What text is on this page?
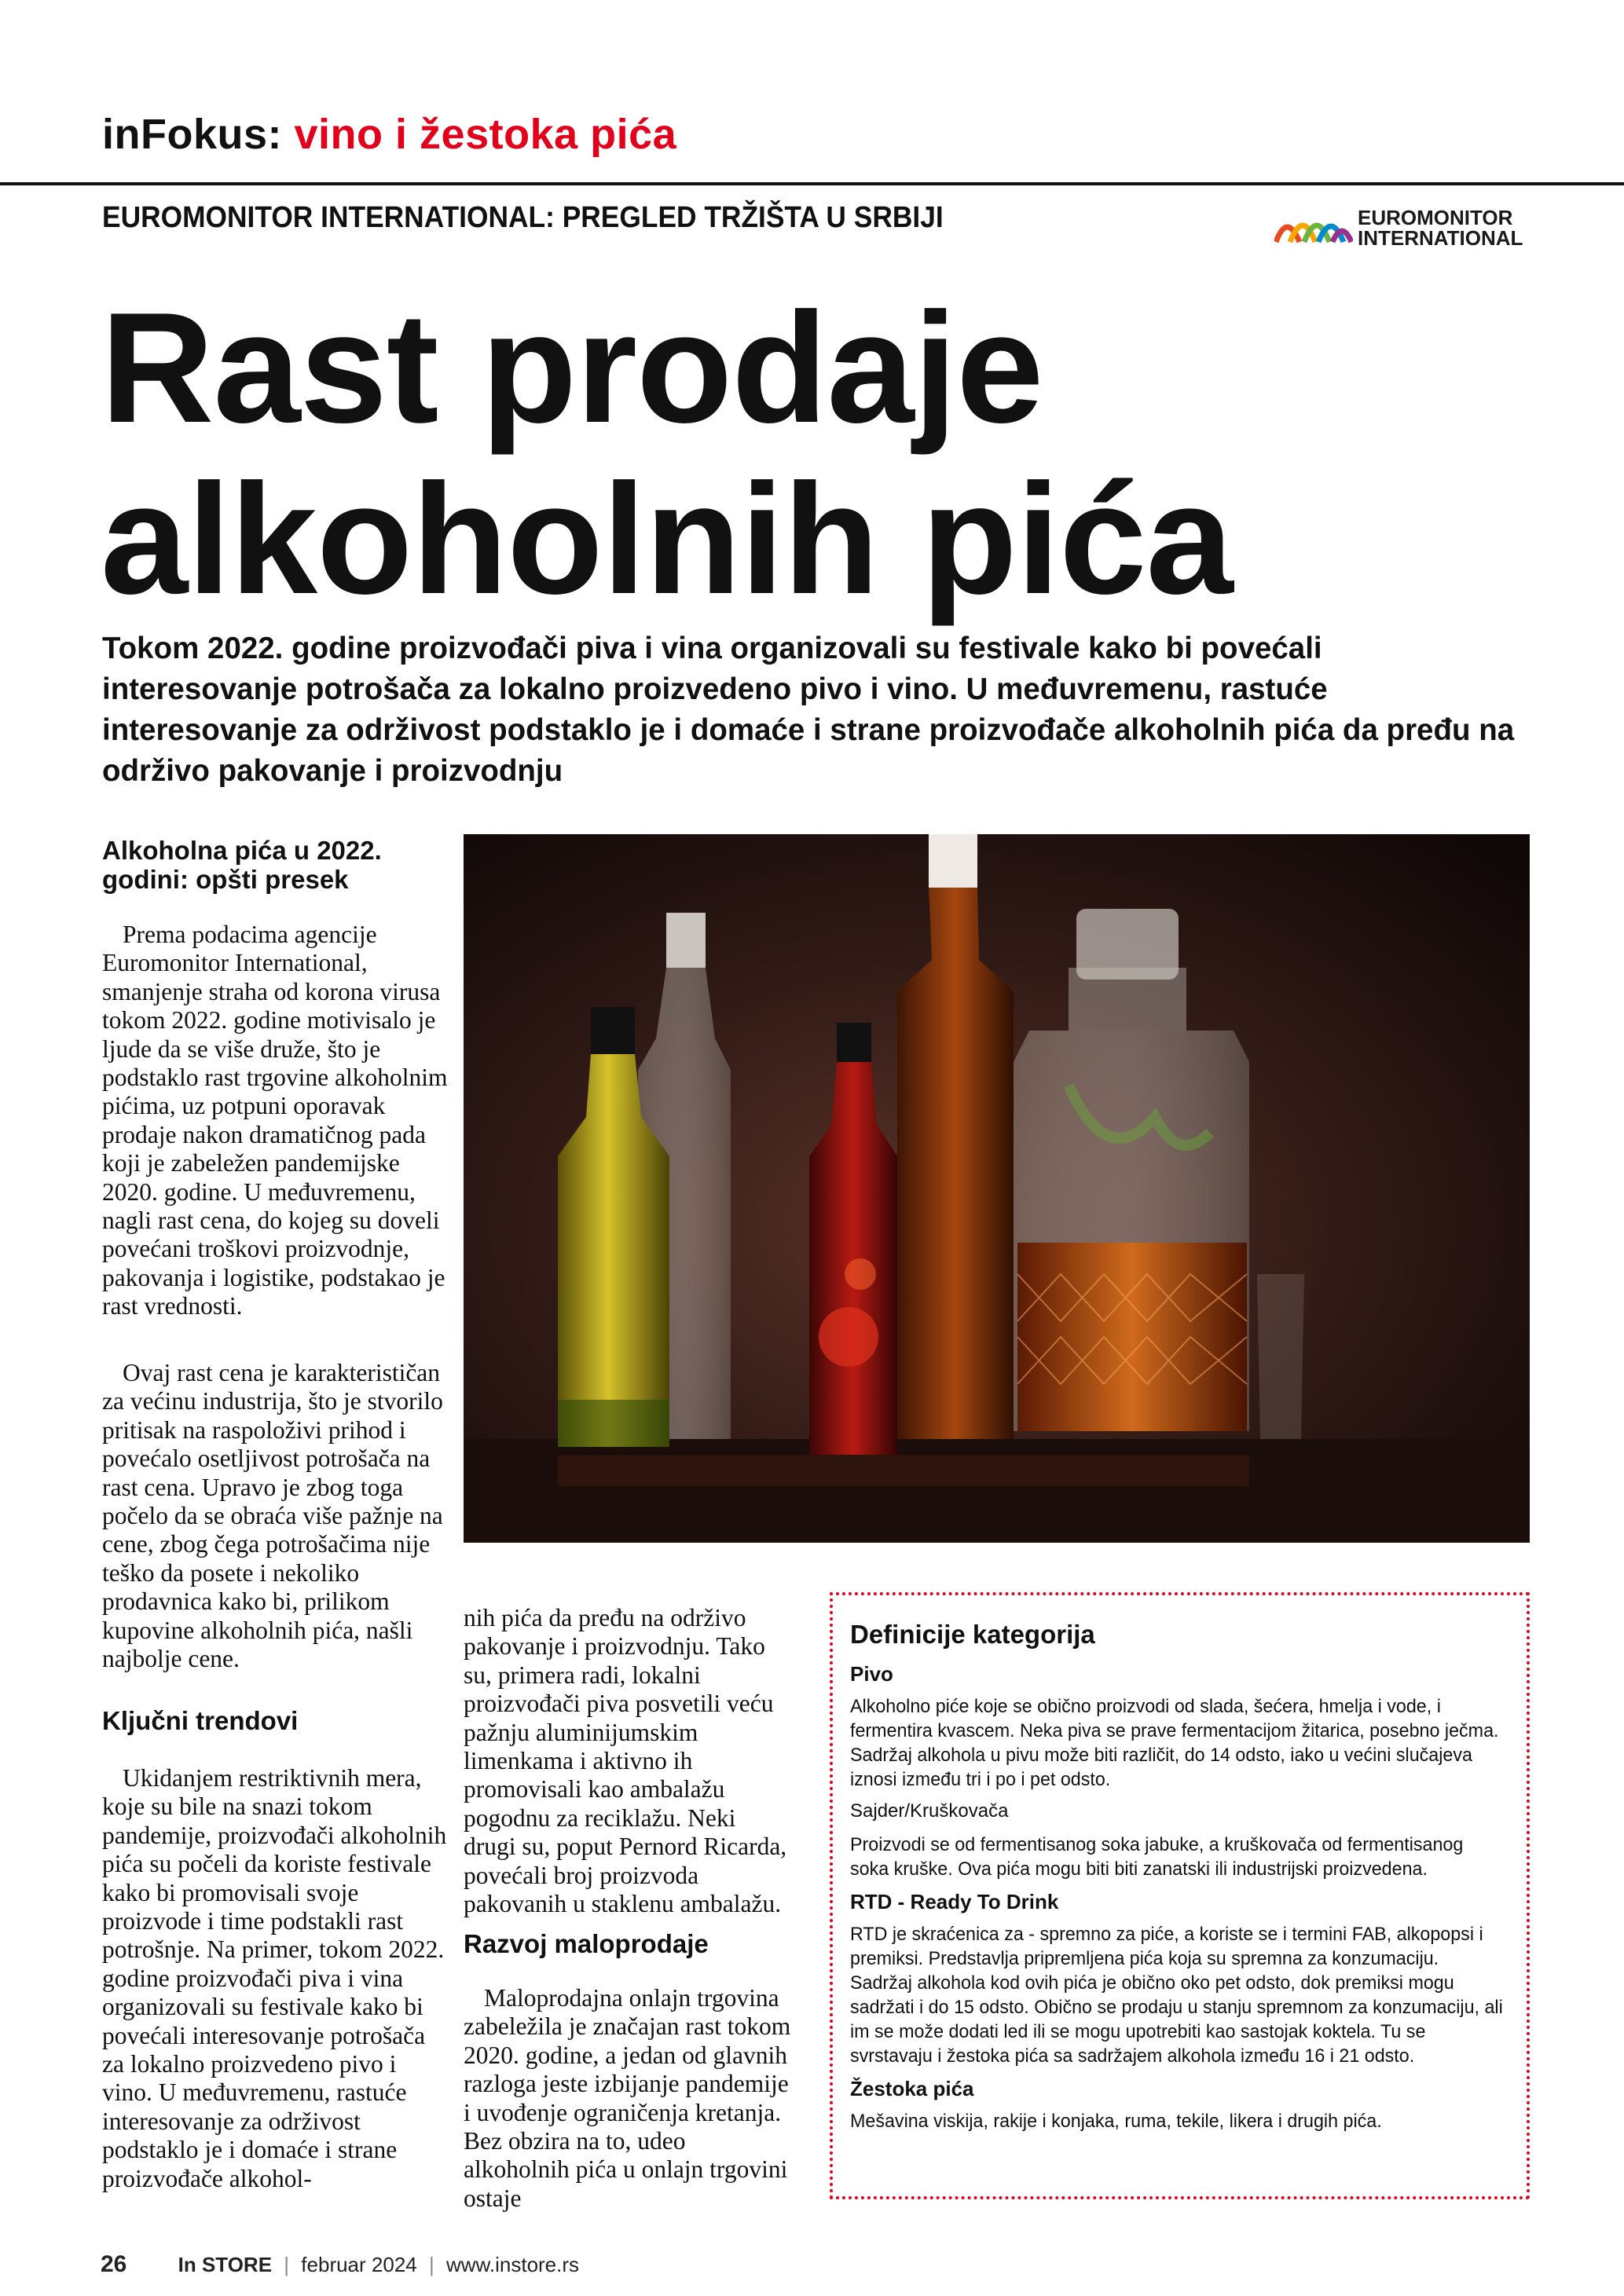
inFokus: vino i žestoka pića
EUROMONITOR INTERNATIONAL: PREGLED TRŽIŠTA U SRBIJI	EUROMONITOR
INTERNATIONAL
Rast prodaje
alkoholnih pića
Tokom 2022. godine proizvođači piva i vina organizovali su festivale kako bi povećali interesovanje potrošača za lokalno proizvedeno pivo i vino. U međuvremenu, rastuće interesovanje za održivost podstaklo je i domaće i strane proizvođače alkoholnih pića da pređu na održivo pakovanje i proizvodnju
Alkoholna pića u 2022. godini: opšti presek

Prema podacima agencije Euromonitor International, smanjenje straha od korona virusa tokom 2022. godine motivisalo je ljude da se više druže, što je podstaklo rast trgovine alkoholnim pićima, uz potpuni oporavak prodaje nakon dramatičnog pada koji je zabeležen pandemijske 2020. godine. U međuvremenu, nagli rast cena, do kojeg su doveli povećani troškovi proizvodnje, pakovanja i logistike, podstakao je rast vrednosti.

Ovaj rast cena je karakterističan za većinu industrija, što je stvorilo pritisak na raspoloživi prihod i povećalo osetljivost potrošača na rast cena. Upravo je zbog toga počelo da se obraća više pažnje na cene, zbog čega potrošačima nije teško da posete i nekoliko prodavnica kako bi, prilikom kupovine alkoholnih pića, našli najbolje cene.

Ključni trendovi

Ukidanjem restriktivnih mera, koje su bile na snazi tokom pandemije, proizvođači alkoholnih pića su počeli da koriste festivale kako bi promovisali svoje proizvode i time podstakli rast potrošnje. Na primer, tokom 2022. godine proizvođači piva i vina organizovali su festivale kako bi povećali interesovanje potrošača za lokalno proizvedeno pivo i vino. U međuvremenu, rastuće interesovanje za održivost podstaklo je i domaće i strane proizvođače alkohol-

nih pića da pređu na održivo pakovanje i proizvodnju. Tako su, primera radi, lokalni proizvođači piva posvetili veću pažnju aluminijumskim limenkama i aktivno ih promovisali kao ambalažu pogodnu za reciklažu. Neki drugi su, poput Pernord Ricarda, povećali broj proizvoda pakovanih u staklenu ambalažu.

Razvoj maloprodaje

Maloprodajna onlajn trgovina zabeležila je značajan rast tokom 2020. godine, a jedan od glavnih razloga jeste izbijanje pandemije i uvođenje ograničenja kretanja. Bez obzira na to, udeo alkoholnih pića u onlajn trgovini ostaje

Definicije kategorija
Pivo
Alkoholno piće koje se obično proizvodi od slada, šećera, hmelja i vode, i fermentira kvascem. Neka piva se prave fermentacijom žitarica, posebno ječma. Sadržaj alkohola u pivu može biti različit, do 14 odsto, iako u većini slučajeva iznosi između tri i po i pet odsto.
Sajder/Kruškovača
Proizvodi se od fermentisanog soka jabuke, a kruškovača od fermentisanog soka kruške. Ova pića mogu biti biti zanatski ili industrijski proizvedena.
RTD - Ready To Drink
RTD je skraćenica za - spremno za piće, a koriste se i termini FAB, alkopopsi i premiksi. Predstavlja pripremljena pića koja su spremna za konzumaciju. Sadržaj alkohola kod ovih pića je obično oko pet odsto, dok premiksi mogu sadržati i do 15 odsto. Obično se prodaju u stanju spremnom za konzumaciju, ali im se može dodati led ili se mogu upotrebiti kao sastojak koktela. Tu se svrstavaju i žestoka pića sa sadržajem alkohola između 16 i 21 odsto.
Žestoka pića
Mešavina viskija, rakije i konjaka, ruma, tekile, likera i drugih pića.
26	In STORE | februar 2024 | www.instore.rs
